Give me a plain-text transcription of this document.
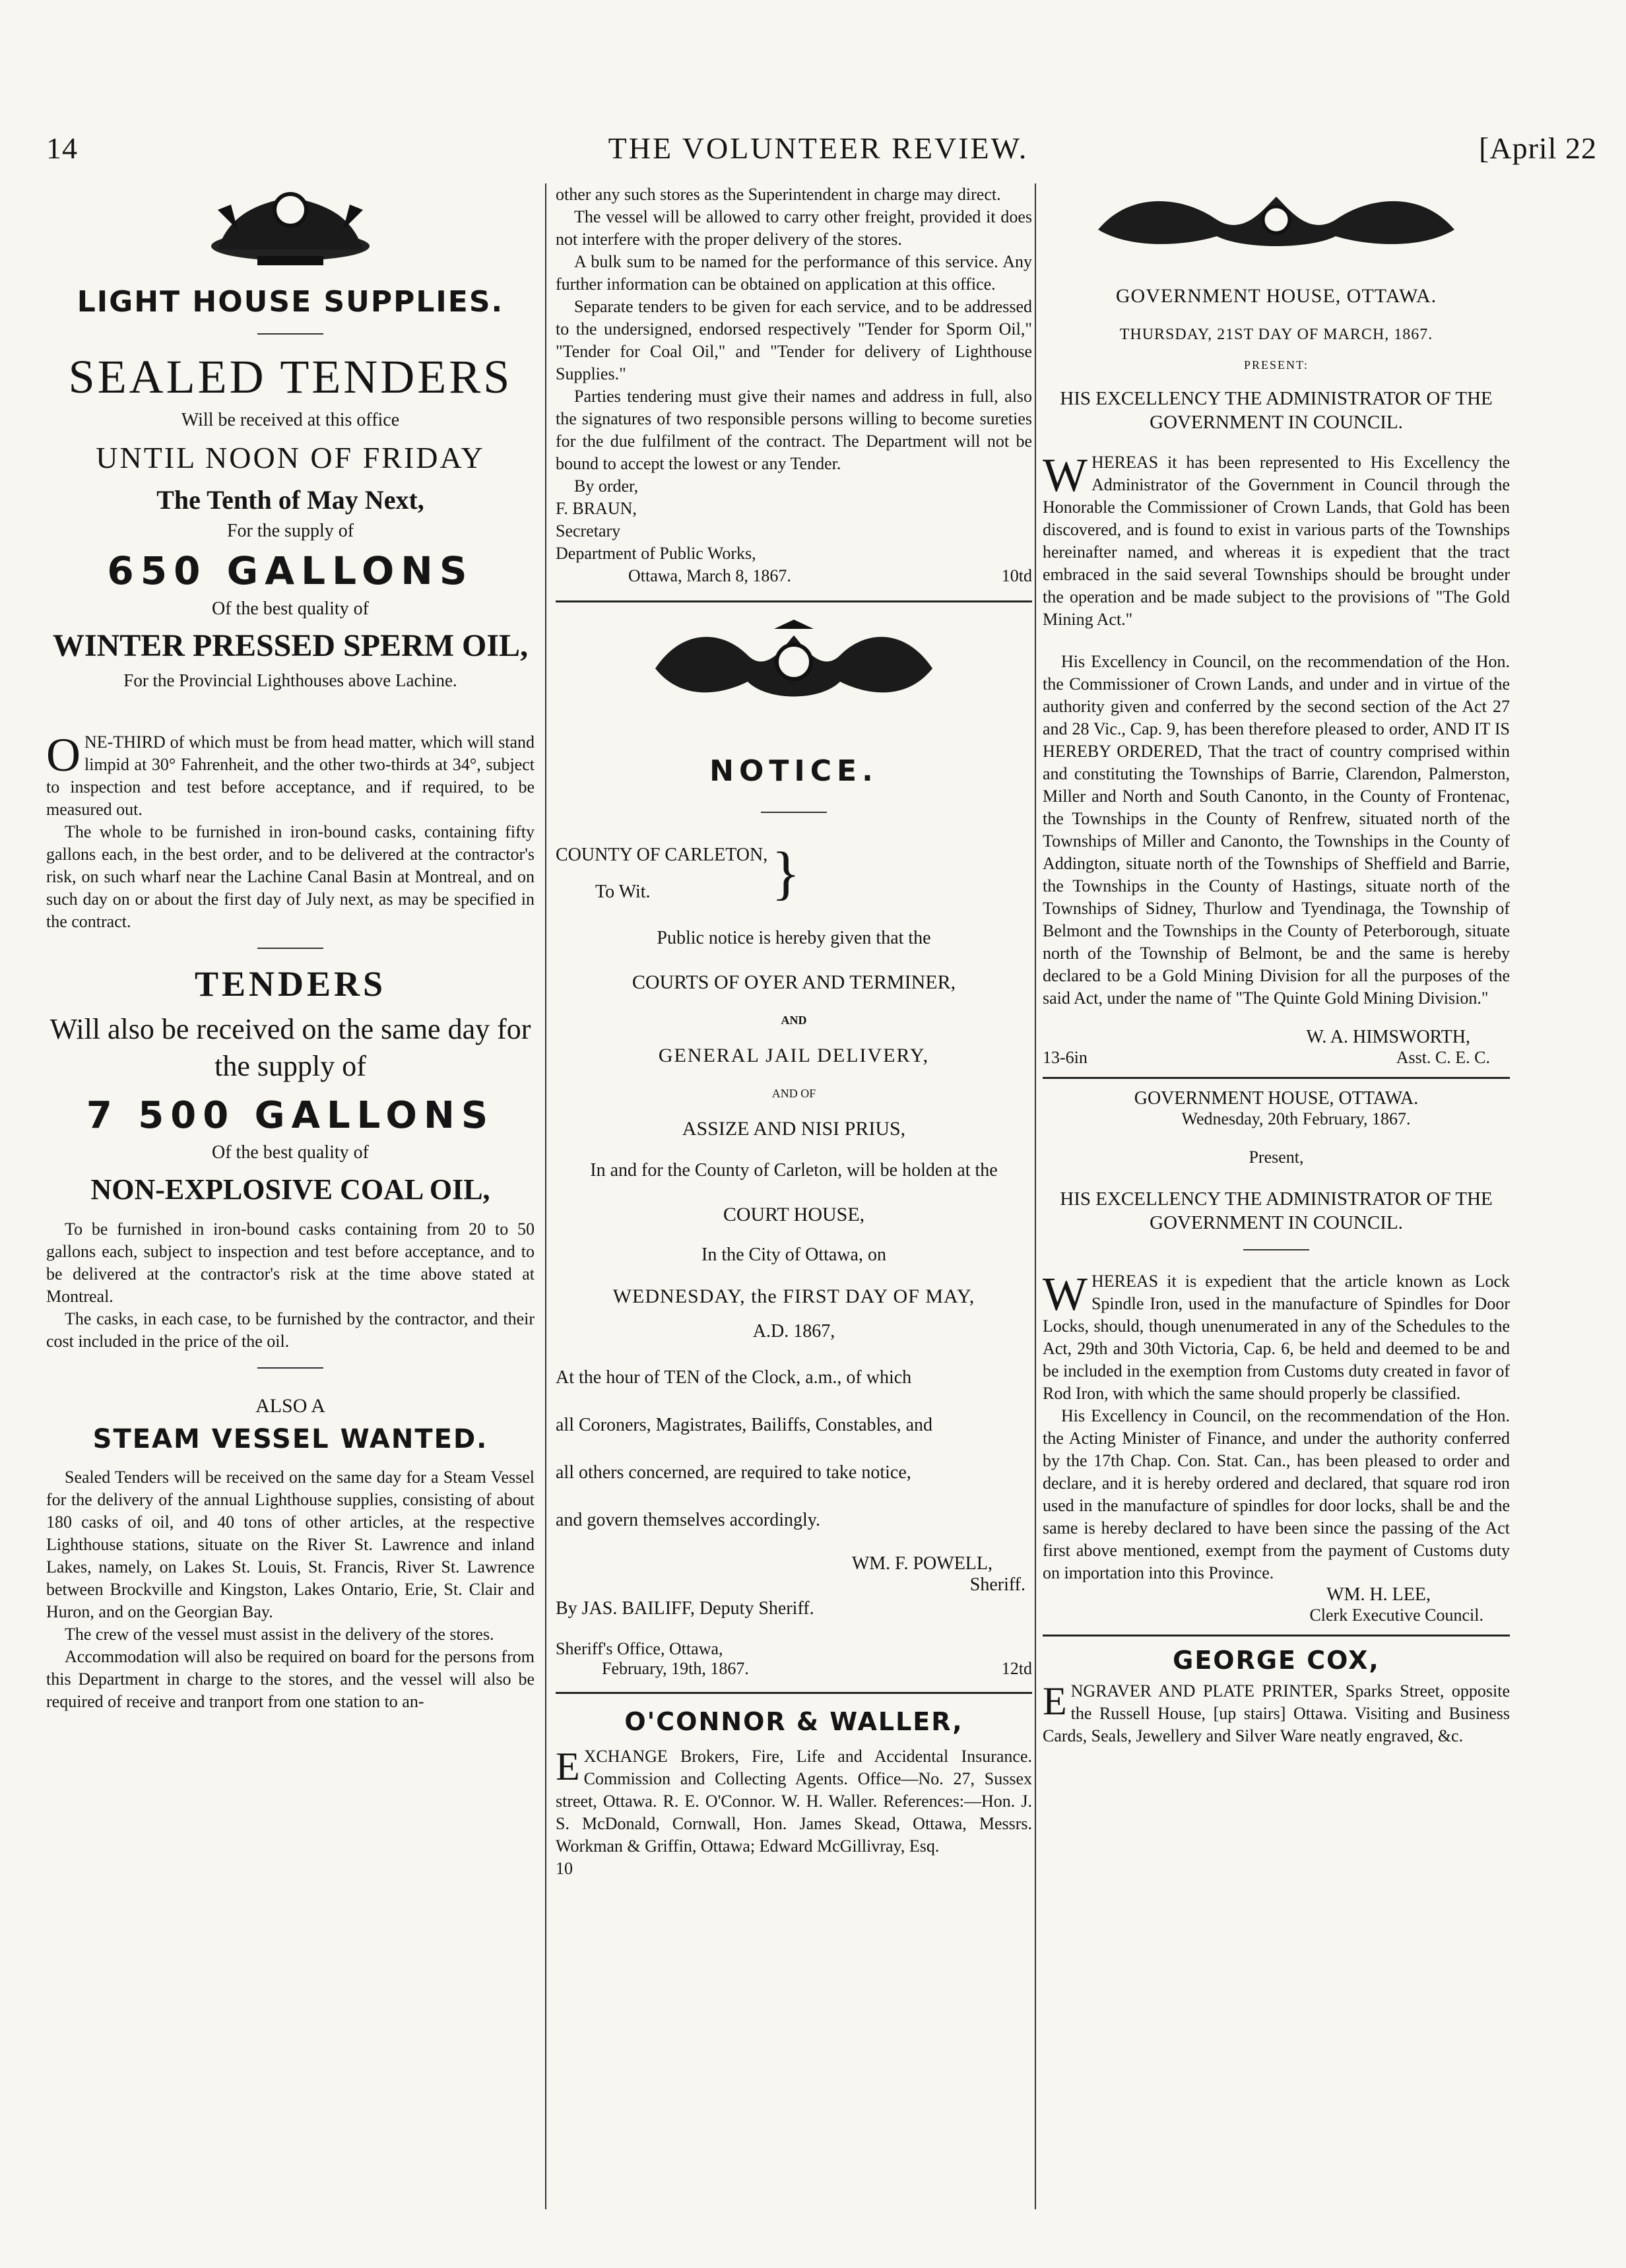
14	THE VOLUNTEER REVIEW.	[April 22
LIGHT HOUSE SUPPLIES.
SEALED TENDERS
Will be received at this office
UNTIL NOON OF FRIDAY
The Tenth of May Next,
For the supply of
650 GALLONS
Of the best quality of
WINTER PRESSED SPERM OIL,
For the Provincial Lighthouses above Lachine.
ONE-THIRD of which must be from head matter, which will stand limpid at 30° Fahrenheit, and the other two-thirds at 34°, subject to inspection and test before acceptance, and if required, to be measured out.
The whole to be furnished in iron-bound casks, containing fifty gallons each, in the best order, and to be delivered at the contractor's risk, on such wharf near the Lachine Canal Basin at Montreal, and on such day on or about the first day of July next, as may be specified in the contract.
TENDERS
Will also be received on the same day for the supply of
7 500 GALLONS
Of the best quality of
NON-EXPLOSIVE COAL OIL,
To be furnished in iron-bound casks containing from 20 to 50 gallons each, subject to inspection and test before acceptance, and to be delivered at the contractor's risk at the time above stated at Montreal.
The casks, in each case, to be furnished by the contractor, and their cost included in the price of the oil.
ALSO A
STEAM VESSEL WANTED.
Sealed Tenders will be received on the same day for a Steam Vessel for the delivery of the annual Lighthouse supplies, consisting of about 180 casks of oil, and 40 tons of other articles, at the respective Lighthouse stations, situate on the River St. Lawrence and inland Lakes, namely, on Lakes St. Louis, St. Francis, River St. Lawrence between Brockville and Kingston, Lakes Ontario, Erie, St. Clair and Huron, and on the Georgian Bay.
The crew of the vessel must assist in the delivery of the stores.
Accommodation will also be required on board for the persons from this Department in charge to the stores, and the vessel will also be required of receive and tranport from one station to an-
other any such stores as the Superintendent in charge may direct.
The vessel will be allowed to carry other freight, provided it does not interfere with the proper delivery of the stores.
A bulk sum to be named for the performance of this service. Any further information can be obtained on application at this office.
Separate tenders to be given for each service, and to be addressed to the undersigned, endorsed respectively "Tender for Sporm Oil," "Tender for Coal Oil," and "Tender for delivery of Lighthouse Supplies."
Parties tendering must give their names and address in full, also the signatures of two responsible persons willing to become sureties for the due fulfilment of the contract. The Department will not be bound to accept the lowest or any Tender.
By order,
F. BRAUN,
Secretary
Department of Public Works,
Ottawa, March 8, 1867.	10td
NOTICE.
COUNTY OF CARLETON,
To Wit.	}
Public notice is hereby given that the
COURTS OF OYER AND TERMINER,
AND
GENERAL JAIL DELIVERY,
AND OF
ASSIZE AND NISI PRIUS,
In and for the County of Carleton, will be holden at the
COURT HOUSE,
In the City of Ottawa, on
WEDNESDAY, the FIRST DAY OF MAY,
A.D. 1867,
At the hour of TEN of the Clock, a.m., of which
all Coroners, Magistrates, Bailiffs, Constables, and
all others concerned, are required to take notice,
and govern themselves accordingly.
WM. F. POWELL,
Sheriff.
By JAS. BAILIFF, Deputy Sheriff.
Sheriff's Office, Ottawa,
February, 19th, 1867.	12td
O'CONNOR & WALLER,
EXCHANGE Brokers, Fire, Life and Accidental Insurance. Commission and Collecting Agents. Office—No. 27, Sussex street, Ottawa. R. E. O'Connor. W. H. Waller. References:—Hon. J. S. McDonald, Cornwall, Hon. James Skead, Ottawa, Messrs. Workman & Griffin, Ottawa; Edward McGillivray, Esq.
10
GOVERNMENT HOUSE, OTTAWA.
THURSDAY, 21ST DAY OF MARCH, 1867.
PRESENT:
HIS EXCELLENCY THE ADMINISTRATOR OF THE GOVERNMENT IN COUNCIL.
WHEREAS it has been represented to His Excellency the Administrator of the Government in Council through the Honorable the Commissioner of Crown Lands, that Gold has been discovered, and is found to exist in various parts of the Townships hereinafter named, and whereas it is expedient that the tract embraced in the said several Townships should be brought under the operation and be made subject to the provisions of "The Gold Mining Act."
His Excellency in Council, on the recommendation of the Hon. the Commissioner of Crown Lands, and under and in virtue of the authority given and conferred by the second section of the Act 27 and 28 Vic., Cap. 9, has been therefore pleased to order, AND IT IS HEREBY ORDERED, That the tract of country comprised within and constituting the Townships of Barrie, Clarendon, Palmerston, Miller and North and South Canonto, in the County of Frontenac, the Townships in the County of Renfrew, situated north of the Townships of Miller and Canonto, the Townships in the County of Addington, situate north of the Townships of Sheffield and Barrie, the Townships in the County of Hastings, situate north of the Townships of Sidney, Thurlow and Tyendinaga, the Township of Belmont and the Townships in the County of Peterborough, situate north of the Township of Belmont, be and the same is hereby declared to be a Gold Mining Division for all the purposes of the said Act, under the name of "The Quinte Gold Mining Division."
W. A. HIMSWORTH,
13-6in	Asst. C. E. C.
GOVERNMENT HOUSE, OTTAWA.
Wednesday, 20th February, 1867.
Present,
HIS EXCELLENCY THE ADMINISTRATOR OF THE GOVERNMENT IN COUNCIL.
WHEREAS it is expedient that the article known as Lock Spindle Iron, used in the manufacture of Spindles for Door Locks, should, though unenumerated in any of the Schedules to the Act, 29th and 30th Victoria, Cap. 6, be held and deemed to be and be included in the exemption from Customs duty created in favor of Rod Iron, with which the same should properly be classified.
His Excellency in Council, on the recommendation of the Hon. the Acting Minister of Finance, and under the authority conferred by the 17th Chap. Con. Stat. Can., has been pleased to order and declare, and it is hereby ordered and declared, that square rod iron used in the manufacture of spindles for door locks, shall be and the same is hereby declared to have been since the passing of the Act first above mentioned, exempt from the payment of Customs duty on importation into this Province.
WM. H. LEE,
Clerk Executive Council.
GEORGE COX,
ENGRAVER AND PLATE PRINTER, Sparks Street, opposite the Russell House, [up stairs] Ottawa. Visiting and Business Cards, Seals, Jewellery and Silver Ware neatly engraved, &c.
